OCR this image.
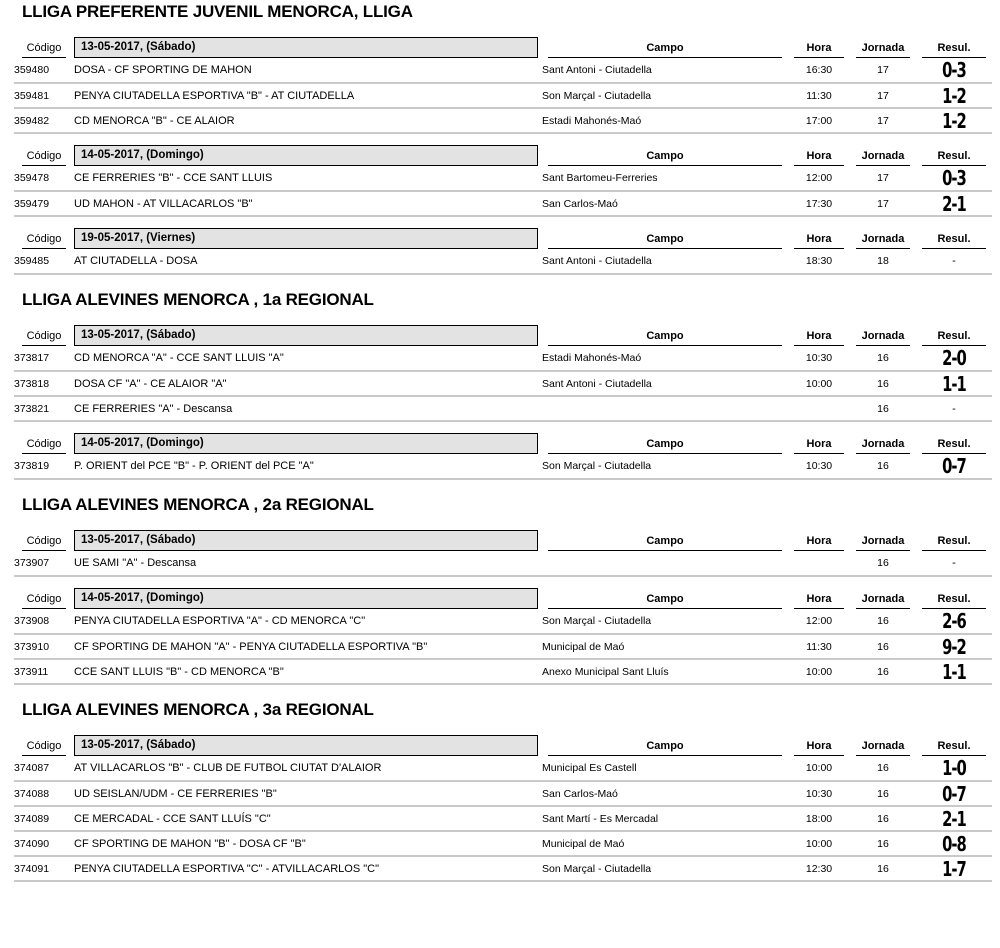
LLIGA PREFERENTE JUVENIL MENORCA, LLIGA
Código	13-05-2017, (Sábado)	Campo	Hora	Jornada	Resul.

359480	DOSA - CF SPORTING DE MAHON	Sant Antoni - Ciutadella	16:30	17	0-3
359481	PENYA CIUTADELLA ESPORTIVA "B" - AT CIUTADELLA	Son Marçal - Ciutadella	11:30	17	1-2
359482	CD MENORCA "B" - CE ALAIOR	Estadi Mahonés-Maó	17:00	17	1-2
Código	14-05-2017, (Domingo)	Campo	Hora	Jornada	Resul.

359478	CE FERRERIES "B" - CCE SANT LLUIS	Sant Bartomeu-Ferreries	12:00	17	0-3
359479	UD MAHON - AT VILLACARLOS "B"	San Carlos-Maó	17:30	17	2-1
Código	19-05-2017, (Viernes)	Campo	Hora	Jornada	Resul.

359485	AT CIUTADELLA - DOSA	Sant Antoni - Ciutadella	18:30	18	-
LLIGA ALEVINES MENORCA , 1a REGIONAL
Código	13-05-2017, (Sábado)	Campo	Hora	Jornada	Resul.

373817	CD MENORCA "A" - CCE SANT LLUIS "A"	Estadi Mahonés-Maó	10:30	16	2-0
373818	DOSA CF "A" - CE ALAIOR "A"	Sant Antoni - Ciutadella	10:00	16	1-1
373821	CE FERRERIES "A" - Descansa			16	-
Código	14-05-2017, (Domingo)	Campo	Hora	Jornada	Resul.

373819	P. ORIENT del PCE "B" - P. ORIENT del PCE "A"	Son Marçal - Ciutadella	10:30	16	0-7
LLIGA ALEVINES MENORCA , 2a REGIONAL
Código	13-05-2017, (Sábado)	Campo	Hora	Jornada	Resul.

373907	UE SAMI "A" - Descansa			16	-
Código	14-05-2017, (Domingo)	Campo	Hora	Jornada	Resul.

373908	PENYA CIUTADELLA ESPORTIVA "A" - CD MENORCA "C"	Son Marçal - Ciutadella	12:00	16	2-6
373910	CF SPORTING DE MAHON "A" - PENYA CIUTADELLA ESPORTIVA "B"	Municipal de Maó	11:30	16	9-2
373911	CCE SANT LLUIS "B" - CD MENORCA "B"	Anexo Municipal Sant Lluís	10:00	16	1-1
LLIGA ALEVINES MENORCA , 3a REGIONAL
Código	13-05-2017, (Sábado)	Campo	Hora	Jornada	Resul.

374087	AT VILLACARLOS "B" - CLUB DE FUTBOL CIUTAT D'ALAIOR	Municipal Es Castell	10:00	16	1-0
374088	UD SEISLAN/UDM - CE FERRERIES "B"	San Carlos-Maó	10:30	16	0-7
374089	CE MERCADAL - CCE SANT LLUÍS "C"	Sant Martí - Es Mercadal	18:00	16	2-1
374090	CF SPORTING DE MAHON "B" - DOSA CF "B"	Municipal de Maó	10:00	16	0-8
374091	PENYA CIUTADELLA ESPORTIVA "C" - ATVILLACARLOS "C"	Son Marçal - Ciutadella	12:30	16	1-7
